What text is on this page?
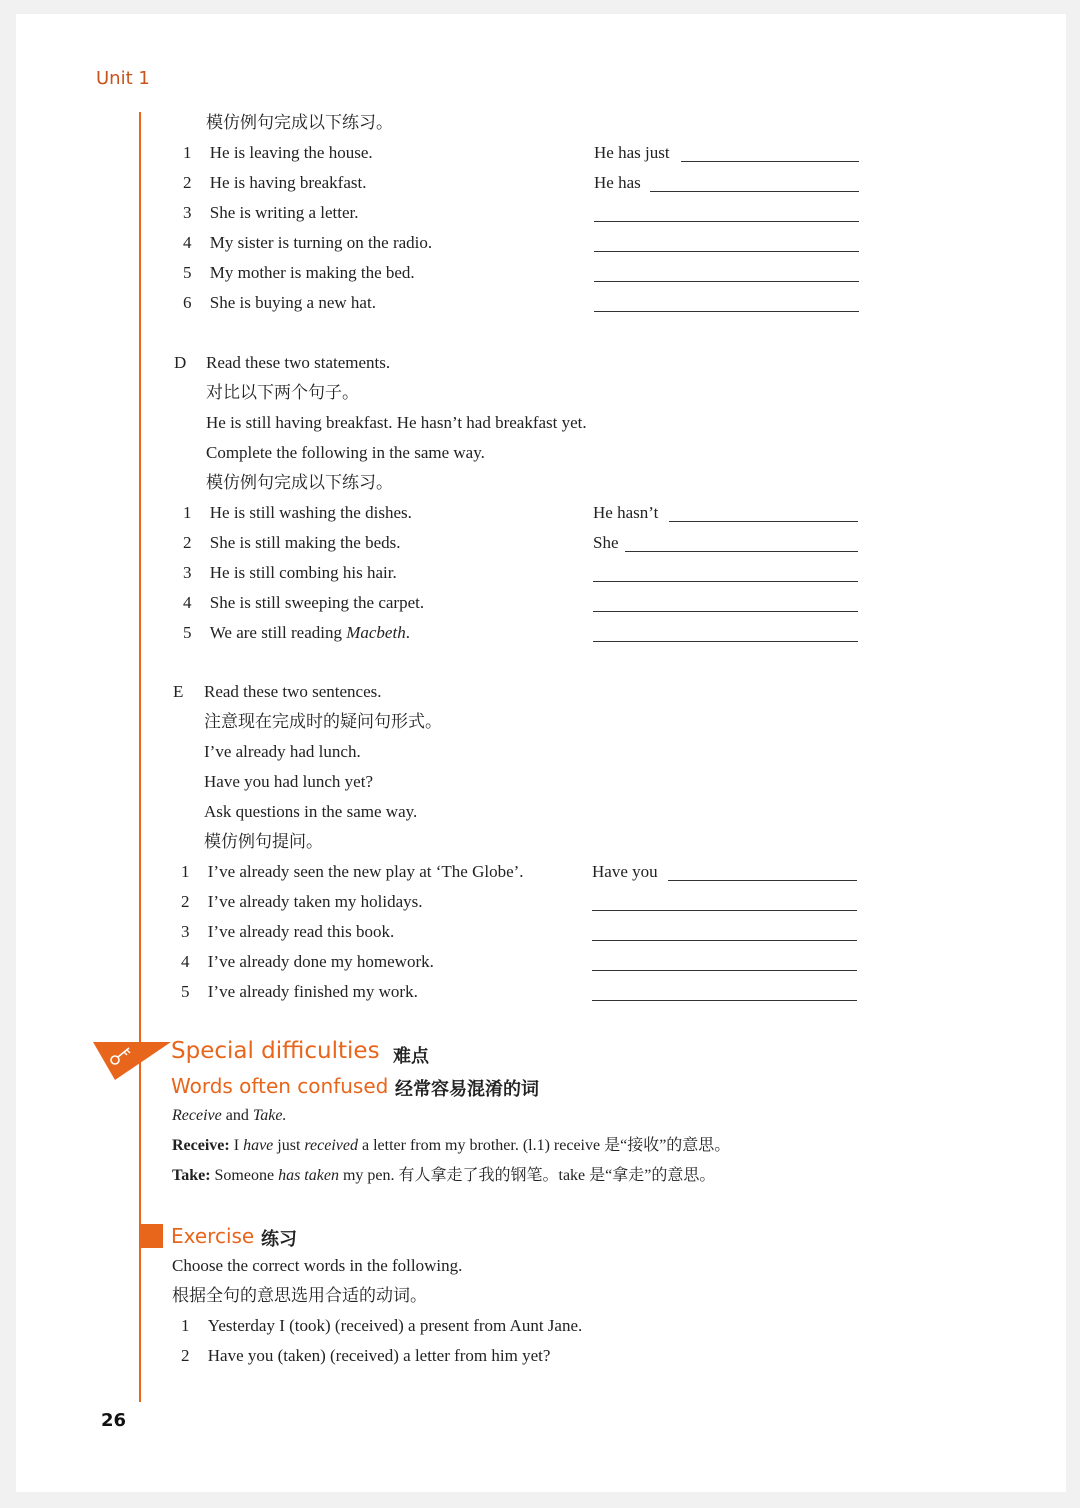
Unit 1
模仿例句完成以下练习。
1 He is leaving the house.	He has just
2 He is having breakfast.	He has
3 She is writing a letter.
4 My sister is turning on the radio.
5 My mother is making the bed.
6 She is buying a new hat.
D Read these two statements.
对比以下两个句子。
He is still having breakfast. He hasn’t had breakfast yet.
Complete the following in the same way.
模仿例句完成以下练习。
1 He is still washing the dishes.	He hasn’t
2 She is still making the beds.	She
3 He is still combing his hair.
4 She is still sweeping the carpet.
5 We are still reading Macbeth.
E Read these two sentences.
注意现在完成时的疑问句形式。
I’ve already had lunch.
Have you had lunch yet?
Ask questions in the same way.
模仿例句提问。
1 I’ve already seen the new play at ‘The Globe’.	Have you
2 I’ve already taken my holidays.
3 I’ve already read this book.
4 I’ve already done my homework.
5 I’ve already finished my work.
Special difficulties 难点
Words often confused 经常容易混淆的词
Receive and Take.
Receive: I have just received a letter from my brother. (l.1) receive 是“接收”的意思。
Take: Someone has taken my pen. 有人拿走了我的钢笔。take 是“拿走”的意思。
Exercise 练习
Choose the correct words in the following.
根据全句的意思选用合适的动词。
1 Yesterday I (took) (received) a present from Aunt Jane.
2 Have you (taken) (received) a letter from him yet?
26
